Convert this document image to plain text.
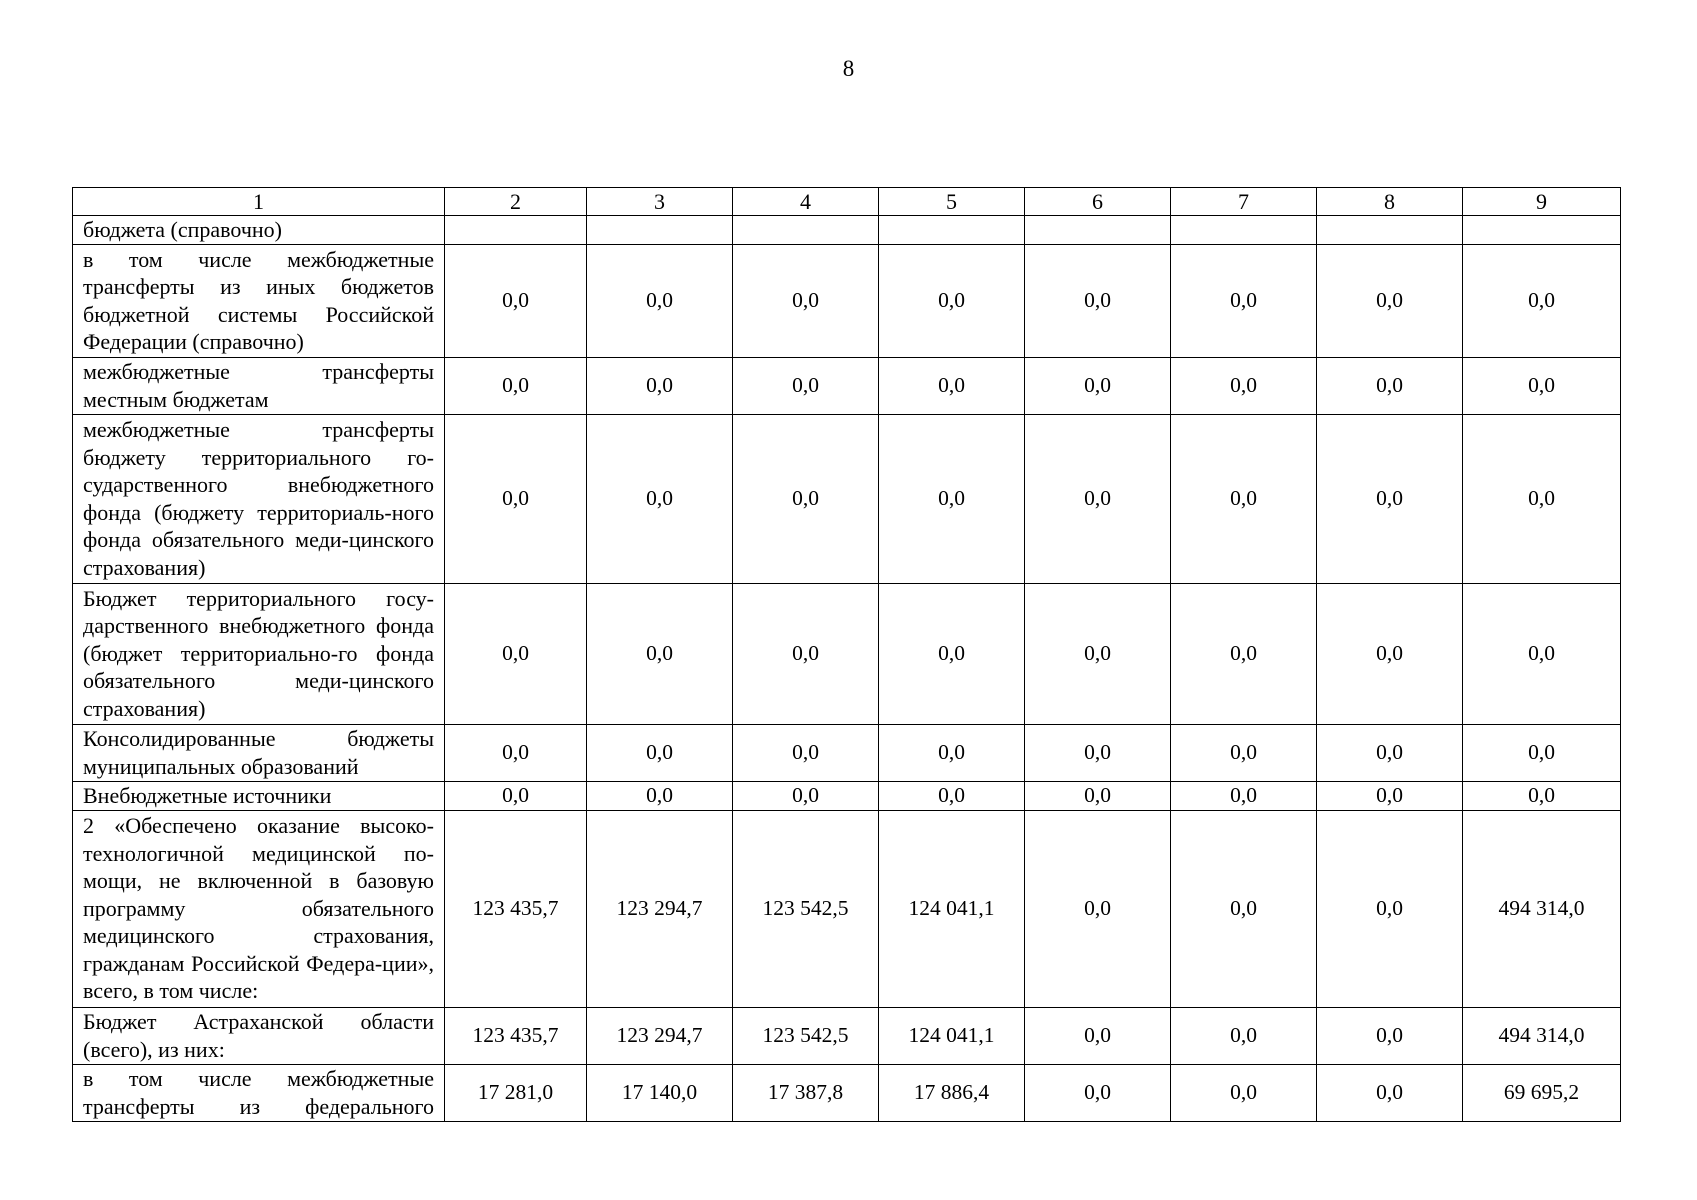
8
1	2	3	4	5	6	7	8	9
бюджета (справочно)								
в том числе межбюджетные трансферты из иных бюджетов бюджетной системы Российской Федерации (справочно)	0,0	0,0	0,0	0,0	0,0	0,0	0,0	0,0
межбюджетные трансферты местным бюджетам	0,0	0,0	0,0	0,0	0,0	0,0	0,0	0,0
межбюджетные трансферты бюджету территориального го-сударственного внебюджетного фонда (бюджету территориаль-ного фонда обязательного меди-цинского страхования)	0,0	0,0	0,0	0,0	0,0	0,0	0,0	0,0
Бюджет территориального госу-дарственного внебюджетного фонда (бюджет территориально-го фонда обязательного меди-цинского страхования)	0,0	0,0	0,0	0,0	0,0	0,0	0,0	0,0
Консолидированные бюджеты муниципальных образований	0,0	0,0	0,0	0,0	0,0	0,0	0,0	0,0
Внебюджетные источники	0,0	0,0	0,0	0,0	0,0	0,0	0,0	0,0
2 «Обеспечено оказание высоко-технологичной медицинской по-мощи, не включенной в базовую программу обязательного медицинского страхования, гражданам Российской Федера-ции», всего, в том числе:	123 435,7	123 294,7	123 542,5	124 041,1	0,0	0,0	0,0	494 314,0
Бюджет Астраханской области (всего), из них:	123 435,7	123 294,7	123 542,5	124 041,1	0,0	0,0	0,0	494 314,0
в том числе межбюджетные трансферты из федерального	17 281,0	17 140,0	17 387,8	17 886,4	0,0	0,0	0,0	69 695,2
